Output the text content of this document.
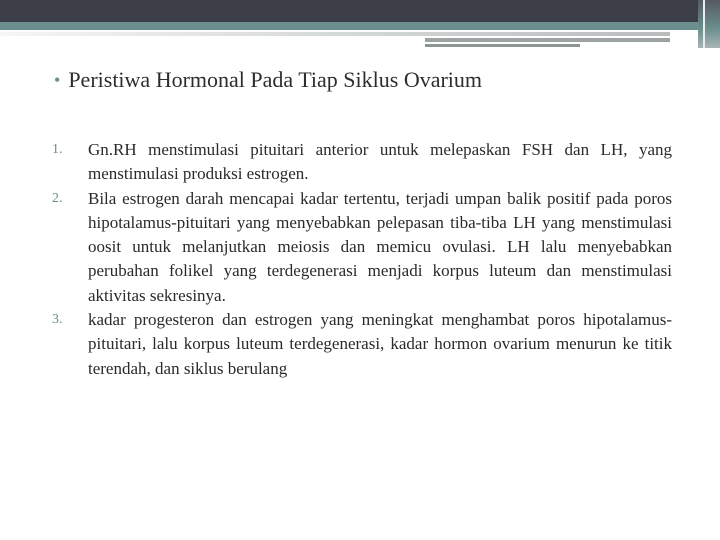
• Peristiwa Hormonal Pada Tiap Siklus Ovarium
1.	Gn.RH menstimulasi pituitari anterior untuk melepaskan FSH dan LH, yang menstimulasi produksi estrogen.
2.	Bila estrogen darah mencapai kadar tertentu, terjadi umpan balik positif pada poros hipotalamus-pituitari yang menyebabkan pelepasan tiba-tiba LH yang menstimulasi oosit untuk melanjutkan meiosis dan memicu ovulasi. LH lalu menyebabkan perubahan folikel yang terdegenerasi menjadi korpus luteum dan menstimulasi aktivitas sekresinya.
3.	kadar progesteron dan estrogen yang meningkat menghambat poros hipotalamus-pituitari, lalu korpus luteum terdegenerasi, kadar hormon ovarium menurun ke titik terendah, dan siklus berulang
